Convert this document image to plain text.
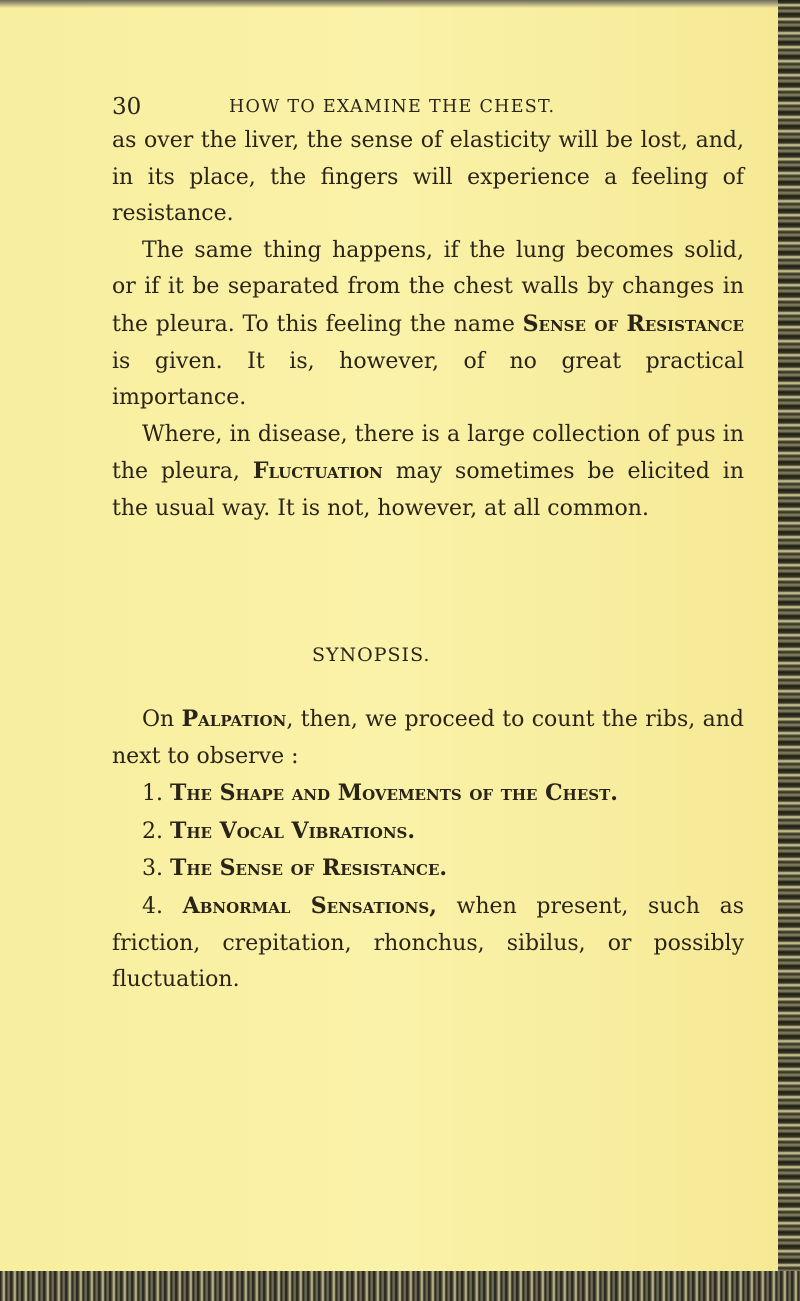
30	HOW TO EXAMINE THE CHEST.

as over the liver, the sense of elasticity will be lost, and, in its place, the fingers will experience a feeling of resistance.

The same thing happens, if the lung becomes solid, or if it be separated from the chest walls by changes in the pleura. To this feeling the name Sense of Resistance is given. It is, however, of no great practical importance.

Where, in disease, there is a large collection of pus in the pleura, Fluctuation may sometimes be elicited in the usual way. It is not, however, at all common.

SYNOPSIS.

On Palpation, then, we proceed to count the ribs, and next to observe :

1. The Shape and Movements of the Chest.

2. The Vocal Vibrations.

3. The Sense of Resistance.

4. Abnormal Sensations, when present, such as friction, crepitation, rhonchus, sibilus, or possibly fluctuation.
